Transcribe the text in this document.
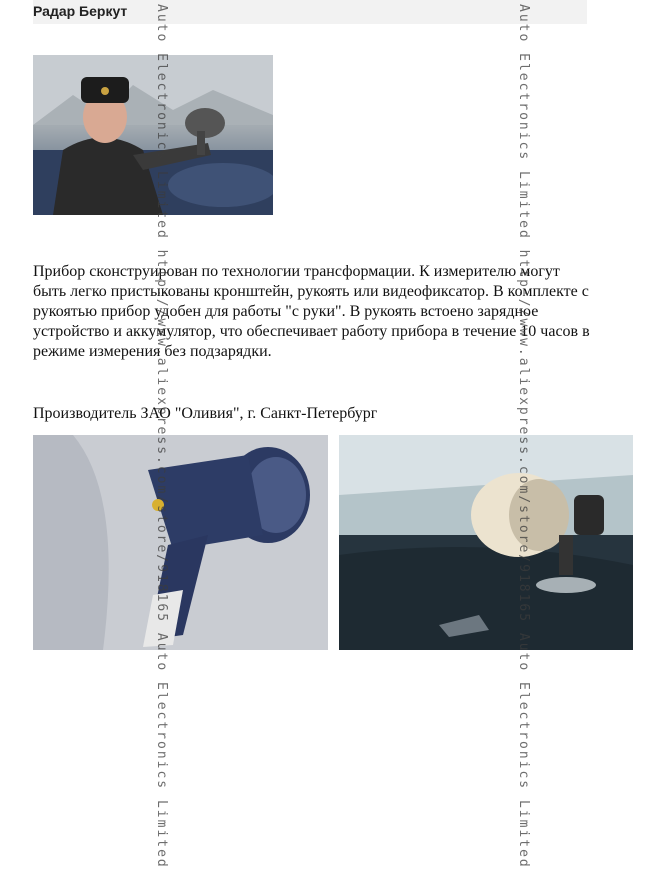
Радар Беркут

Прибор сконструирован по технологии трансформации. К измерителю могут быть легко пристыкованы кронштейн, рукоять или видеофиксатор. В комплекте с рукоятью прибор удобен для работы "с руки". В рукоять встоено зарядное устройство и аккумулятор, что обеспечивает работу прибора в течение 10 часов в режиме измерения без подзарядки.

Производитель ЗАО "Оливия", г. Санкт-Петербург

Auto Electronics Limited http://www.aliexpress.com/store/918165 Auto Electronics Limited	Auto Electronics Limited http://www.aliexpress.com/store/918165 Auto Electronics Limited
